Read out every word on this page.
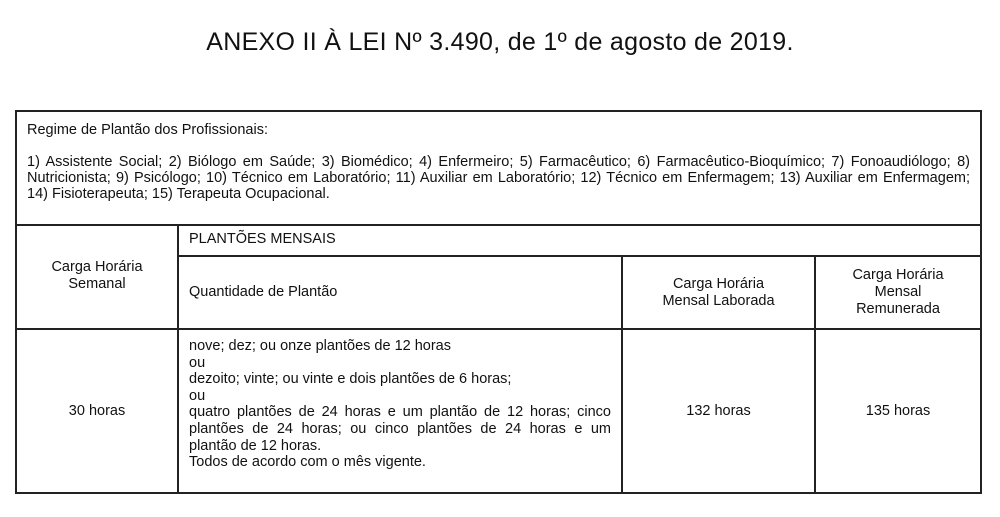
ANEXO II À LEI Nº 3.490, de 1º de agosto de 2019.
Regime de Plantão dos Profissionais:
1) Assistente Social; 2) Biólogo em Saúde; 3) Biomédico; 4) Enfermeiro; 5) Farmacêutico; 6) Farmacêutico-Bioquímico; 7) Fonoaudiólogo; 8) Nutricionista; 9) Psicólogo; 10) Técnico em Laboratório; 11) Auxiliar em Laboratório; 12) Técnico em Enfermagem; 13) Auxiliar em Enfermagem; 14) Fisioterapeuta; 15) Terapeuta Ocupacional.
Carga Horária Semanal
PLANTÕES MENSAIS
Quantidade de Plantão
Carga Horária Mensal Laborada
Carga Horária Mensal Remunerada
30 horas
nove; dez; ou onze plantões de 12 horas
ou
dezoito; vinte; ou vinte e dois plantões de 6 horas;
ou
quatro plantões de 24 horas e um plantão de 12 horas; cinco plantões de 24 horas; ou cinco plantões de 24 horas e um plantão de 12 horas.
Todos de acordo com o mês vigente.
132 horas	135 horas
